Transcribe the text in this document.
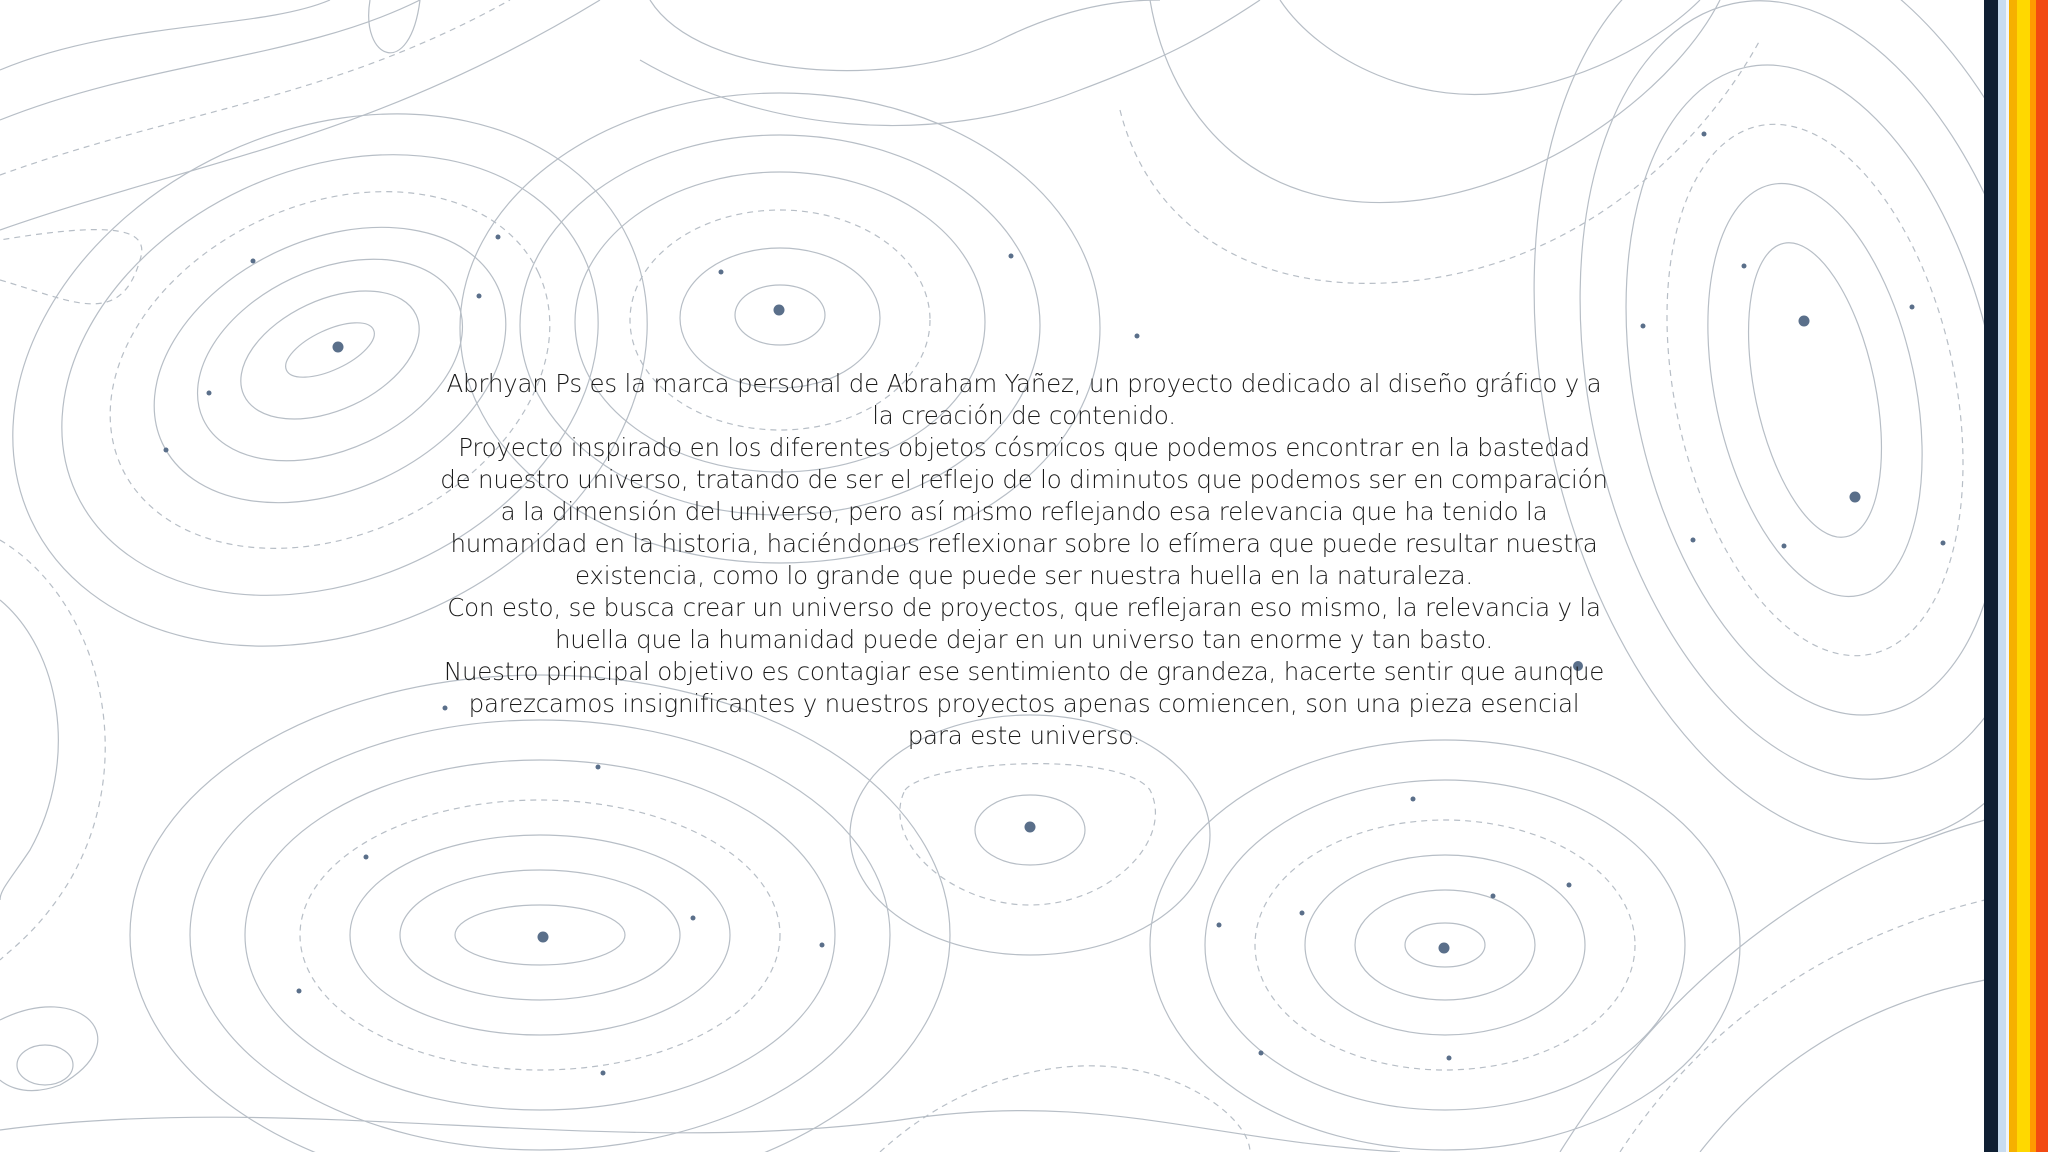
Abrhyan Ps es la marca personal de Abraham Yañez, un proyecto dedicado al diseño gráfico y a la creación de contenido.

Proyecto inspirado en los diferentes objetos cósmicos que podemos encontrar en la bastedad de nuestro universo, tratando de ser el reflejo de lo diminutos que podemos ser en comparación a la dimensión del universo, pero así mismo reflejando esa relevancia que ha tenido la humanidad en la historia, haciéndonos reflexionar sobre lo efímera que puede resultar nuestra existencia, como lo grande que puede ser nuestra huella en la naturaleza.

Con esto, se busca crear un universo de proyectos, que reflejaran eso mismo, la relevancia y la huella que la humanidad puede dejar en un universo tan enorme y tan basto.

Nuestro principal objetivo es contagiar ese sentimiento de grandeza, hacerte sentir que aunque parezcamos insignificantes y nuestros proyectos apenas comiencen, son una pieza esencial para este universo.
